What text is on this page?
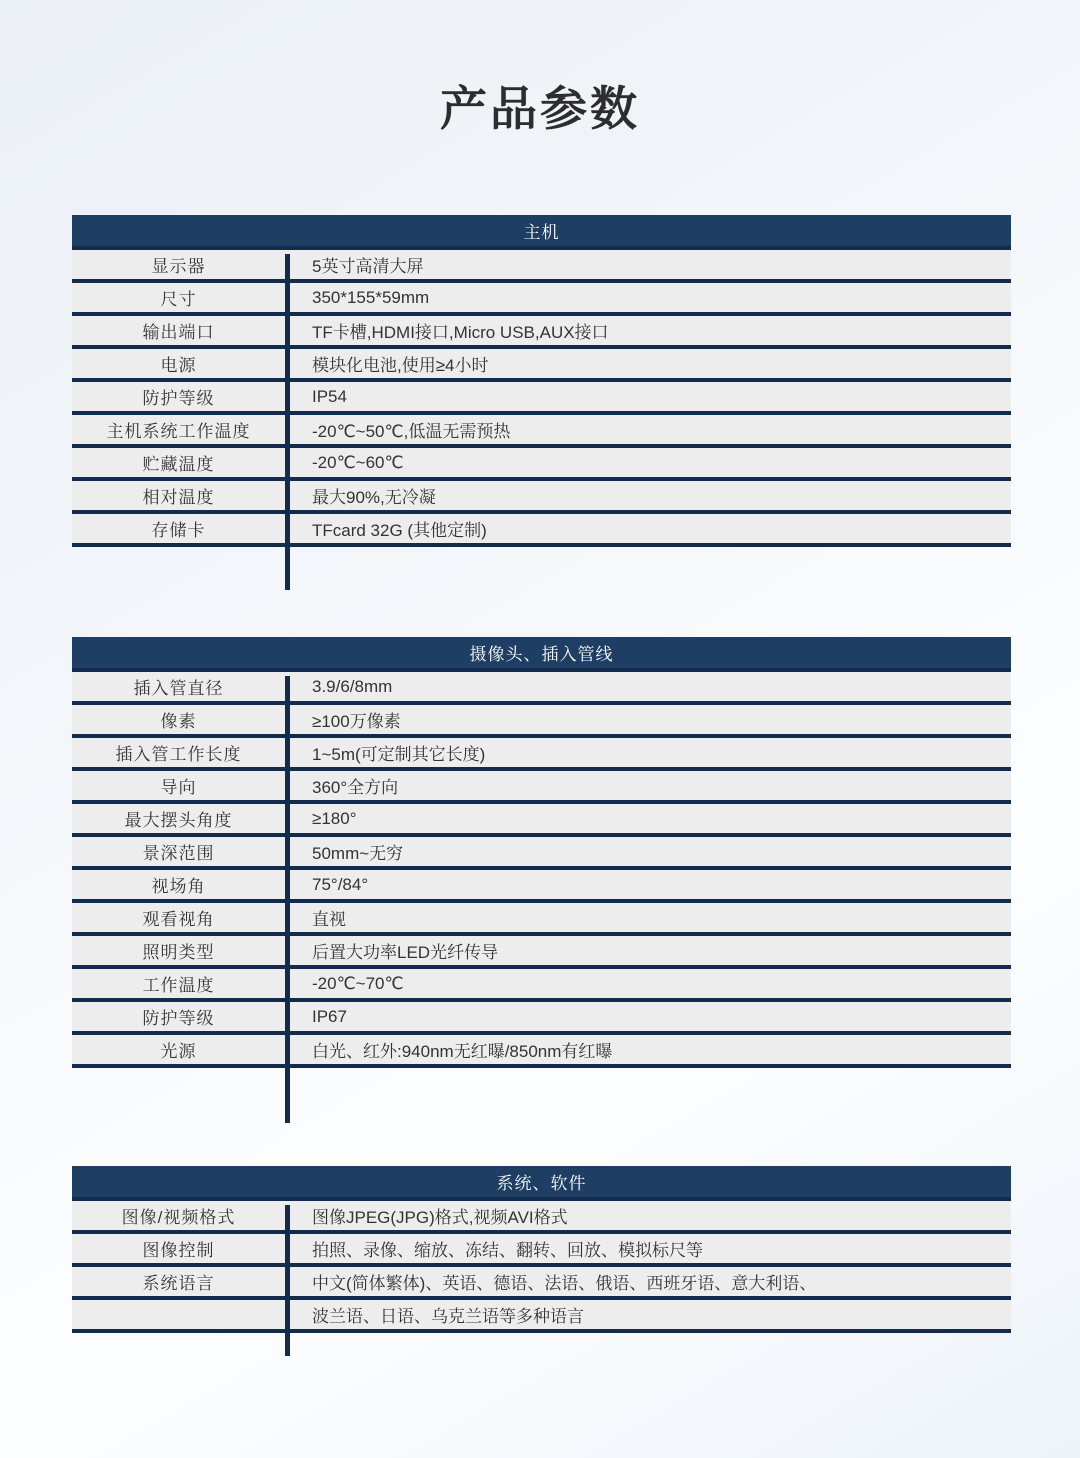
产品参数
主机
显示器	5英寸高清大屏
尺寸	350*155*59mm
输出端口	TF卡槽,HDMI接口,Micro USB,AUX接口
电源	模块化电池,使用≥4小时
防护等级	IP54
主机系统工作温度	-20℃~50℃,低温无需预热
贮藏温度	-20℃~60℃
相对温度	最大90%,无冷凝
存储卡	TFcard 32G (其他定制)
摄像头、插入管线
插入管直径	3.9/6/8mm
像素	≥100万像素
插入管工作长度	1~5m(可定制其它长度)
导向	360°全方向
最大摆头角度	≥180°
景深范围	50mm~无穷
视场角	75°/84°
观看视角	直视
照明类型	后置大功率LED光纤传导
工作温度	-20℃~70℃
防护等级	IP67
光源	白光、红外:940nm无红曝/850nm有红曝
系统、软件
图像/视频格式	图像JPEG(JPG)格式,视频AVI格式
图像控制	拍照、录像、缩放、冻结、翻转、回放、模拟标尺等
系统语言	中文(简体繁体)、英语、德语、法语、俄语、西班牙语、意大利语、
波兰语、日语、乌克兰语等多种语言
